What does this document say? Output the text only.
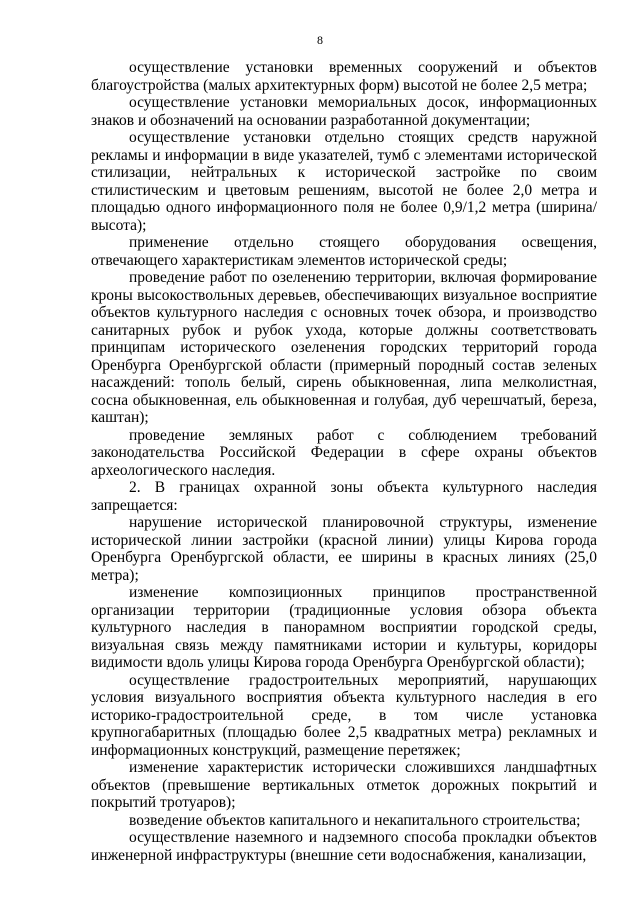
8

осуществление установки временных сооружений и объектов благоустройства (малых архитектурных форм) высотой не более 2,5 метра;

осуществление установки мемориальных досок, информационных знаков и обозначений на основании разработанной документации;

осуществление установки отдельно стоящих средств наружной рекламы и информации в виде указателей, тумб с элементами исторической стилизации, нейтральных к исторической застройке по своим стилистическим и цветовым решениям, высотой не более 2,0 метра и площадью одного информационного поля не более 0,9/1,2 метра (ширина/высота);

применение отдельно стоящего оборудования освещения, отвечающего характеристикам элементов исторической среды;

проведение работ по озеленению территории, включая формирование кроны высокоствольных деревьев, обеспечивающих визуальное восприятие объектов культурного наследия с основных точек обзора, и производство санитарных рубок и рубок ухода, которые должны соответствовать принципам исторического озеленения городских территорий города Оренбурга Оренбургской области (примерный породный состав зеленых насаждений: тополь белый, сирень обыкновенная, липа мелколистная, сосна обыкновенная, ель обыкновенная и голубая, дуб черешчатый, береза, каштан);

проведение земляных работ с соблюдением требований законодательства Российской Федерации в сфере охраны объектов археологического наследия.

2. В границах охранной зоны объекта культурного наследия запрещается:

нарушение исторической планировочной структуры, изменение исторической линии застройки (красной линии) улицы Кирова города Оренбурга Оренбургской области, ее ширины в красных линиях (25,0 метра);

изменение композиционных принципов пространственной организации территории (традиционные условия обзора объекта культурного наследия в панорамном восприятии городской среды, визуальная связь между памятниками истории и культуры, коридоры видимости вдоль улицы Кирова города Оренбурга Оренбургской области);

осуществление градостроительных мероприятий, нарушающих условия визуального восприятия объекта культурного наследия в его историко-градостроительной среде, в том числе установка крупногабаритных (площадью более 2,5 квадратных метра) рекламных и информационных конструкций, размещение перетяжек;

изменение характеристик исторически сложившихся ландшафтных объектов (превышение вертикальных отметок дорожных покрытий и покрытий тротуаров);

возведение объектов капитального и некапитального строительства;

осуществление наземного и надземного способа прокладки объектов инженерной инфраструктуры (внешние сети водоснабжения, канализации,
